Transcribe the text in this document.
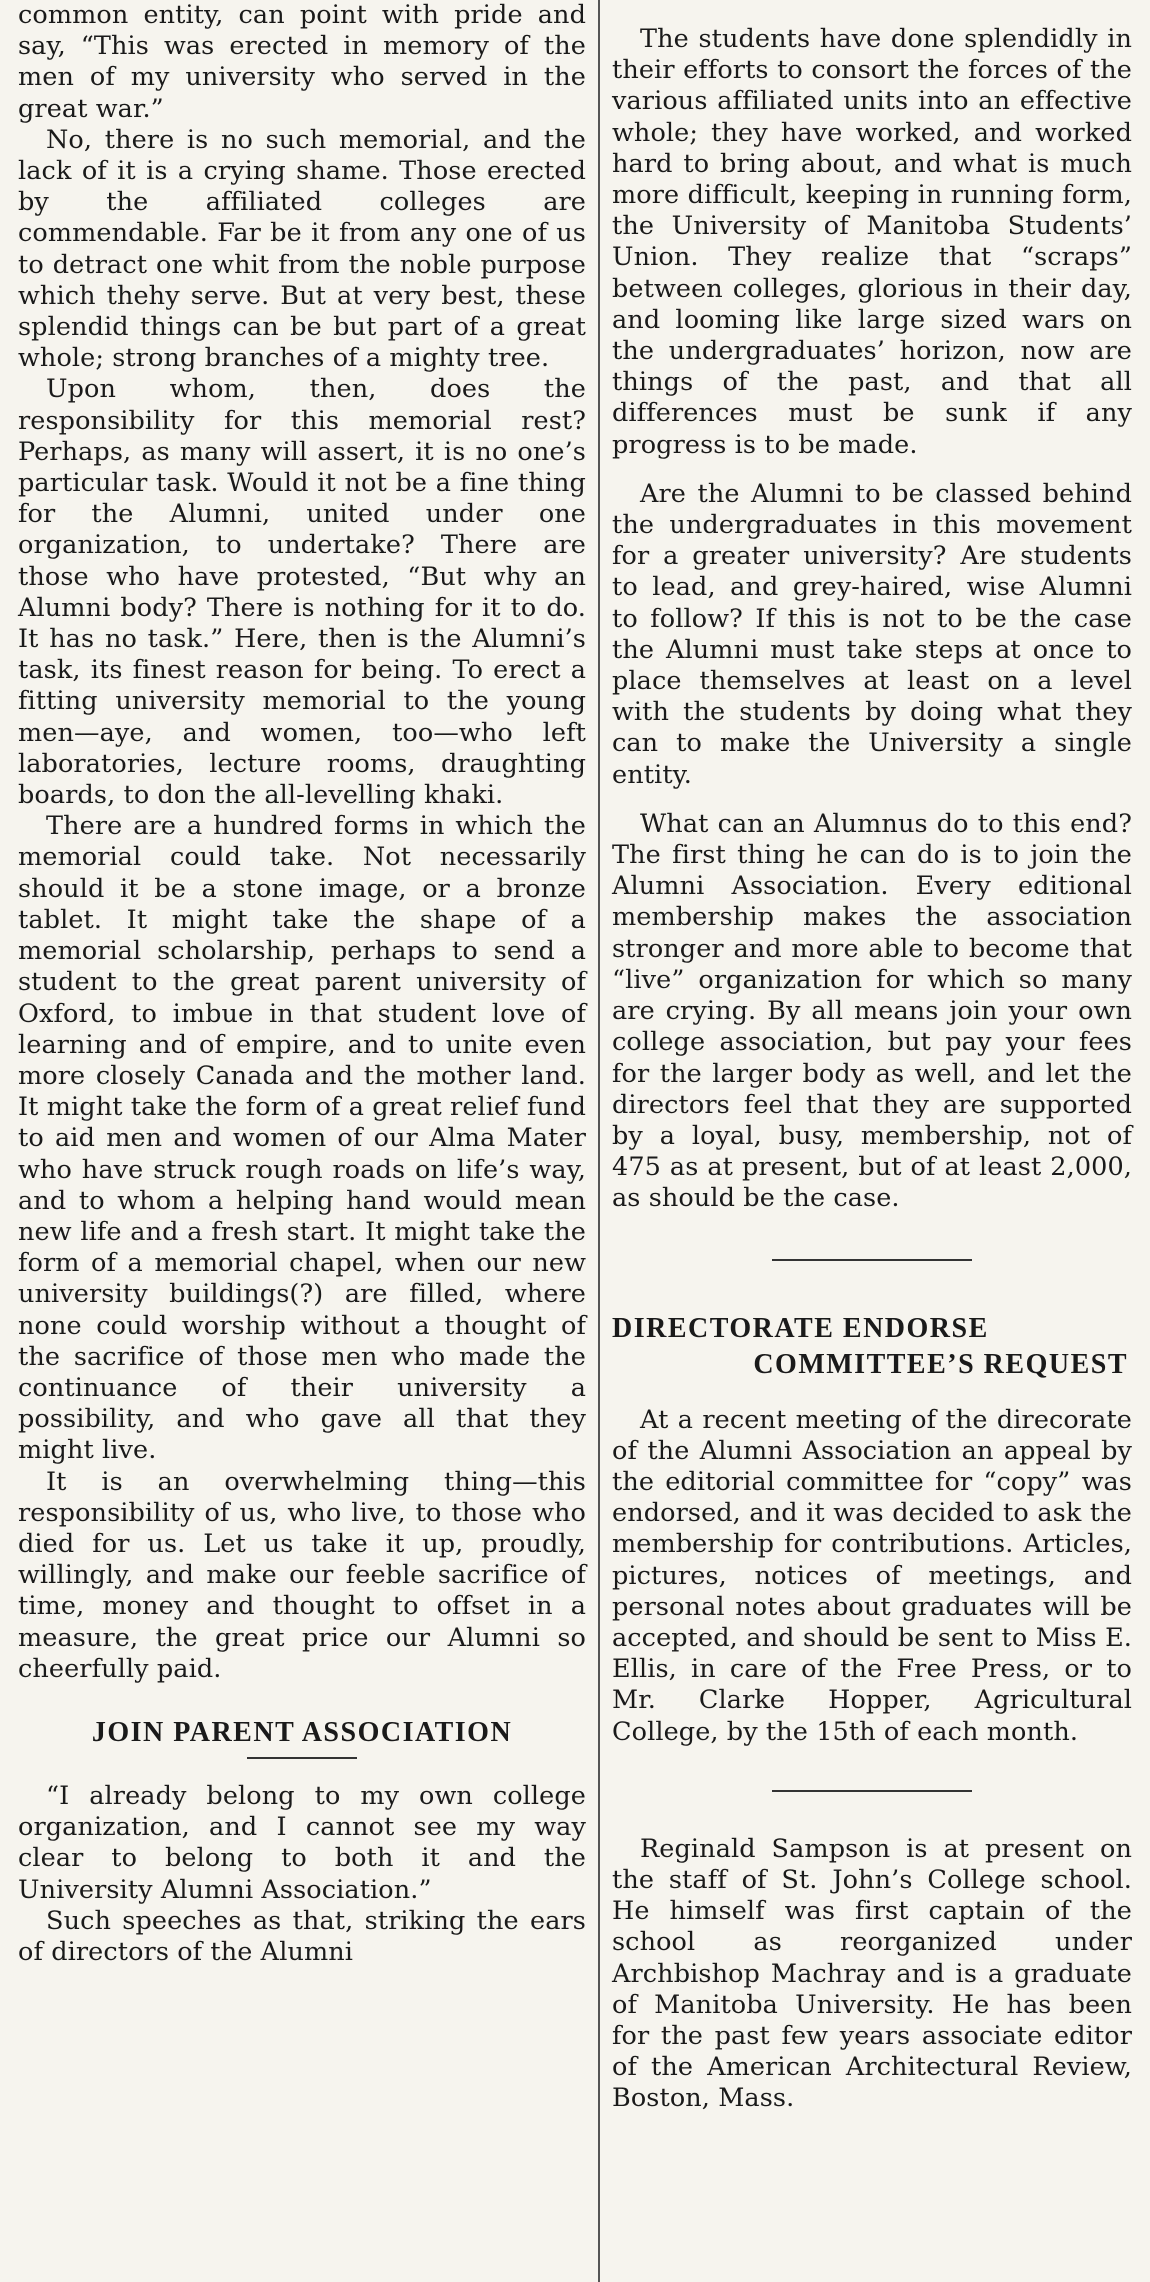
common entity, can point with pride and say, “This was erected in memory of the men of my university who served in the great war.”

No, there is no such memorial, and the lack of it is a crying shame. Those erected by the affiliated colleges are commendable. Far be it from any one of us to detract one whit from the noble purpose which thehy serve. But at very best, these splendid things can be but part of a great whole; strong branches of a mighty tree.

Upon whom, then, does the responsibility for this memorial rest? Perhaps, as many will assert, it is no one’s particular task. Would it not be a fine thing for the Alumni, united under one organization, to undertake? There are those who have protested, “But why an Alumni body? There is nothing for it to do. It has no task.” Here, then is the Alumni’s task, its finest reason for being. To erect a fitting university memorial to the young men—aye, and women, too—who left laboratories, lecture rooms, draughting boards, to don the all-levelling khaki.

There are a hundred forms in which the memorial could take. Not necessarily should it be a stone image, or a bronze tablet. It might take the shape of a memorial scholarship, perhaps to send a student to the great parent university of Oxford, to imbue in that student love of learning and of empire, and to unite even more closely Canada and the mother land. It might take the form of a great relief fund to aid men and women of our Alma Mater who have struck rough roads on life’s way, and to whom a helping hand would mean new life and a fresh start. It might take the form of a memorial chapel, when our new university buildings(?) are filled, where none could worship without a thought of the sacrifice of those men who made the continuance of their university a possibility, and who gave all that they might live.

It is an overwhelming thing—this responsibility of us, who live, to those who died for us. Let us take it up, proudly, willingly, and make our feeble sacrifice of time, money and thought to offset in a measure, the great price our Alumni so cheerfully paid.

JOIN PARENT ASSOCIATION

“I already belong to my own college organization, and I cannot see my way clear to belong to both it and the University Alumni Association.”

Such speeches as that, striking the ears of directors of the Alumni

The students have done splendidly in their efforts to consort the forces of the various affiliated units into an effective whole; they have worked, and worked hard to bring about, and what is much more difficult, keeping in running form, the University of Manitoba Students’ Union. They realize that “scraps” between colleges, glorious in their day, and looming like large sized wars on the undergraduates’ horizon, now are things of the past, and that all differences must be sunk if any progress is to be made.

Are the Alumni to be classed behind the undergraduates in this movement for a greater university? Are students to lead, and grey-haired, wise Alumni to follow? If this is not to be the case the Alumni must take steps at once to place themselves at least on a level with the students by doing what they can to make the University a single entity.

What can an Alumnus do to this end? The first thing he can do is to join the Alumni Association. Every editional membership makes the association stronger and more able to become that “live” organization for which so many are crying. By all means join your own college association, but pay your fees for the larger body as well, and let the directors feel that they are supported by a loyal, busy, membership, not of 475 as at present, but of at least 2,000, as should be the case.

DIRECTORATE ENDORSE

COMMITTEE’S REQUEST

At a recent meeting of the direcorate of the Alumni Association an appeal by the editorial committee for “copy” was endorsed, and it was decided to ask the membership for contributions. Articles, pictures, notices of meetings, and personal notes about graduates will be accepted, and should be sent to Miss E. Ellis, in care of the Free Press, or to Mr. Clarke Hopper, Agricultural College, by the 15th of each month.

Reginald Sampson is at present on the staff of St. John’s College school. He himself was first captain of the school as reorganized under Archbishop Machray and is a graduate of Manitoba University. He has been for the past few years associate editor of the American Architectural Review, Boston, Mass.
